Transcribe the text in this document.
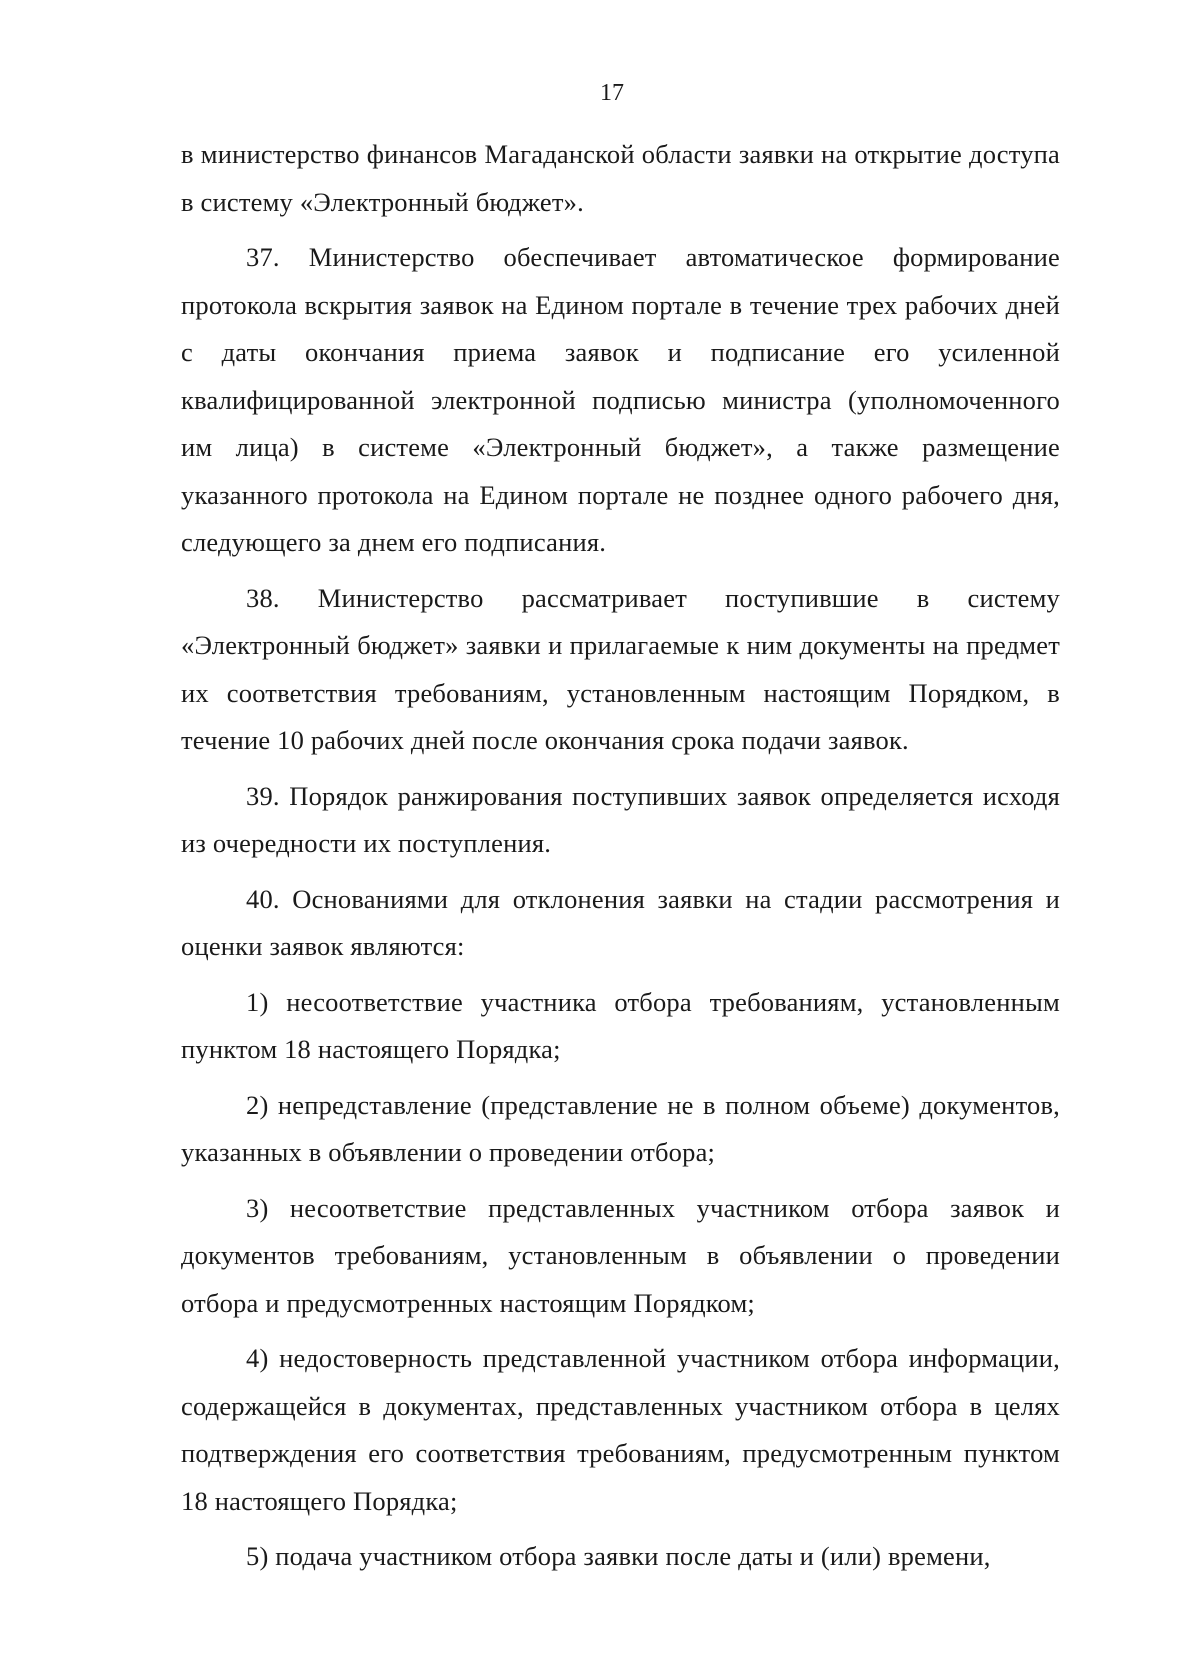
17

в министерство финансов Магаданской области заявки на открытие доступа в систему «Электронный бюджет».

37. Министерство обеспечивает автоматическое формирование протокола вскрытия заявок на Едином портале в течение трех рабочих дней с даты окончания приема заявок и подписание его усиленной квалифицированной электронной подписью министра (уполномоченного им лица) в системе «Электронный бюджет», а также размещение указанного протокола на Едином портале не позднее одного рабочего дня, следующего за днем его подписания.

38. Министерство рассматривает поступившие в систему «Электронный бюджет» заявки и прилагаемые к ним документы на предмет их соответствия требованиям, установленным настоящим Порядком, в течение 10 рабочих дней после окончания срока подачи заявок.

39. Порядок ранжирования поступивших заявок определяется исходя из очередности их поступления.

40. Основаниями для отклонения заявки на стадии рассмотрения и оценки заявок являются:

1) несоответствие участника отбора требованиям, установленным пунктом 18 настоящего Порядка;

2) непредставление (представление не в полном объеме) документов, указанных в объявлении о проведении отбора;

3) несоответствие представленных участником отбора заявок и документов требованиям, установленным в объявлении о проведении отбора и предусмотренных настоящим Порядком;

4) недостоверность представленной участником отбора информации, содержащейся в документах, представленных участником отбора в целях подтверждения его соответствия требованиям, предусмотренным пунктом 18 настоящего Порядка;

5) подача участником отбора заявки после даты и (или) времени,
